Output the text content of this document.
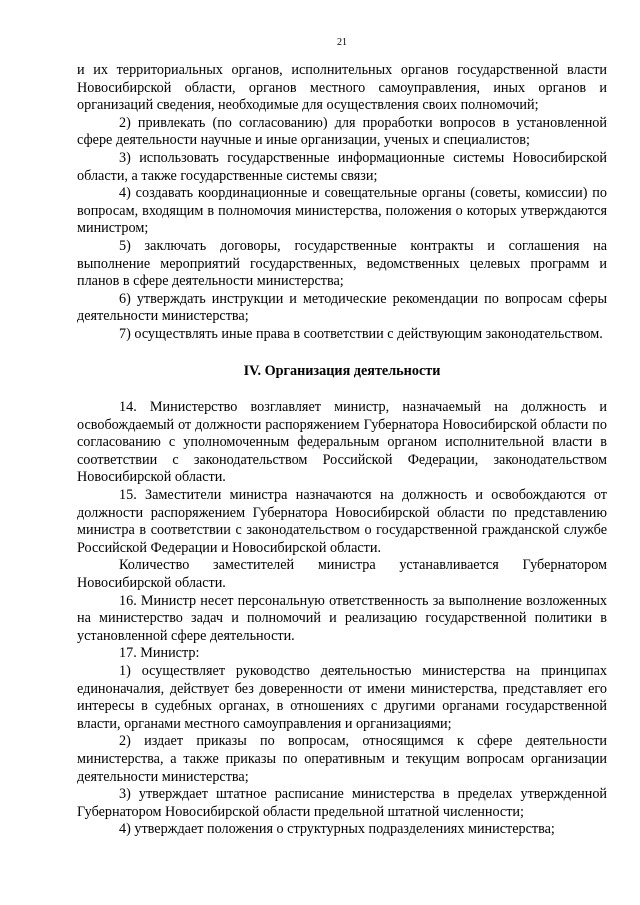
21

и их территориальных органов, исполнительных органов государственной власти Новосибирской области, органов местного самоуправления, иных органов и организаций сведения, необходимые для осуществления своих полномочий;

2) привлекать (по согласованию) для проработки вопросов в установленной сфере деятельности научные и иные организации, ученых и специалистов;

3) использовать государственные информационные системы Новосибирской области, а также государственные системы связи;

4) создавать координационные и совещательные органы (советы, комиссии) по вопросам, входящим в полномочия министерства, положения о которых утверждаются министром;

5) заключать договоры, государственные контракты и соглашения на выполнение мероприятий государственных, ведомственных целевых программ и планов в сфере деятельности министерства;

6) утверждать инструкции и методические рекомендации по вопросам сферы деятельности министерства;

7) осуществлять иные права в соответствии с действующим законодательством.

IV. Организация деятельности

14. Министерство возглавляет министр, назначаемый на должность и освобождаемый от должности распоряжением Губернатора Новосибирской области по согласованию с уполномоченным федеральным органом исполнительной власти в соответствии с законодательством Российской Федерации, законодательством Новосибирской области.

15. Заместители министра назначаются на должность и освобождаются от должности распоряжением Губернатора Новосибирской области по представлению министра в соответствии с законодательством о государственной гражданской службе Российской Федерации и Новосибирской области.

Количество заместителей министра устанавливается Губернатором Новосибирской области.

16. Министр несет персональную ответственность за выполнение возложенных на министерство задач и полномочий и реализацию государственной политики в установленной сфере деятельности.

17. Министр:

1) осуществляет руководство деятельностью министерства на принципах единоначалия, действует без доверенности от имени министерства, представляет его интересы в судебных органах, в отношениях с другими органами государственной власти, органами местного самоуправления и организациями;

2) издает приказы по вопросам, относящимся к сфере деятельности министерства, а также приказы по оперативным и текущим вопросам организации деятельности министерства;

3) утверждает штатное расписание министерства в пределах утвержденной Губернатором Новосибирской области предельной штатной численности;

4) утверждает положения о структурных подразделениях министерства;
